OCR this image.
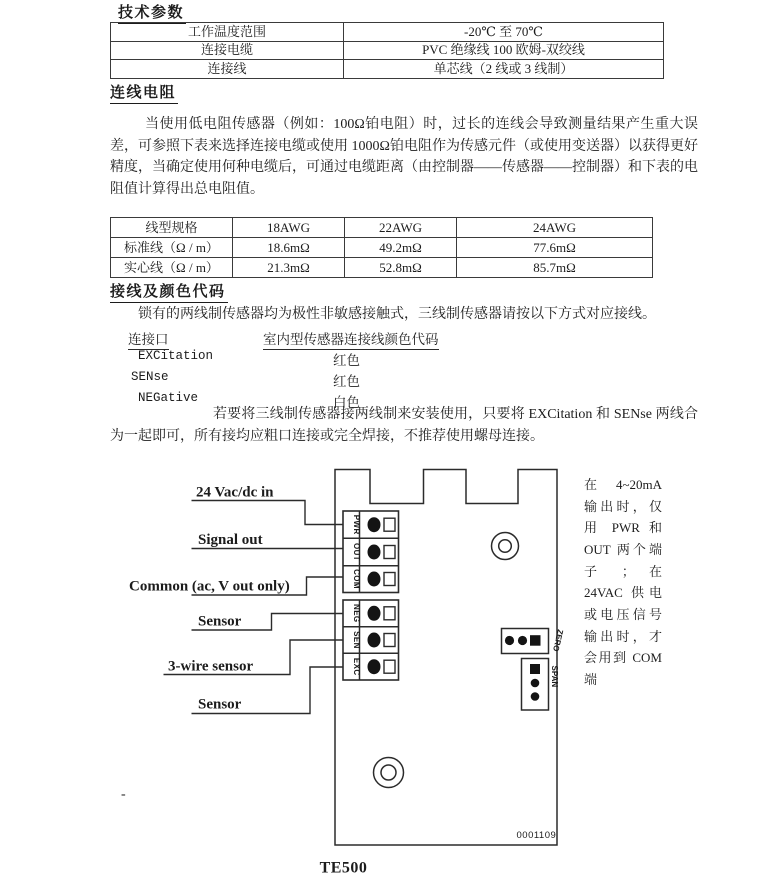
技术参数
工作温度范围	-20℃ 至 70℃
连接电缆	PVC 绝缘线 100 欧姆-双绞线
连接线	单芯线（2 线或 3 线制）
连线电阻

当使用低电阻传感器（例如：100Ω铂电阻）时，过长的连线会导致测量结果产生重大误差，可参照下表来选择连接电缆或使用 1000Ω铂电阻作为传感元件（或使用变送器）以获得更好精度，当确定使用何种电缆后，可通过电缆距离（由控制器——传感器——控制器）和下表的电阻值计算得出总电阻值。

线型规格	18AWG	22AWG	24AWG
标准线（Ω / m）	18.6mΩ	49.2mΩ	77.6mΩ
实心线（Ω / m）	21.3mΩ	52.8mΩ	85.7mΩ
接线及颜色代码

锁有的两线制传感器均为极性非敏感接触式，三线制传感器请按以下方式对应接线。

连接口	室内型传感器连接线颜色代码
EXCitation	红色
SENse	红色
NEGative	白色

若要将三线制传感器接两线制来安装使用，只要将 EXCitation 和 SENse 两线合为一起即可，所有接均应粗口连接或完全焊接，不推荐使用螺母连接。

24 Vac/dc in
Signal out
Common (ac, V out only)
Sensor
3-wire sensor
Sensor
PWR
OUT
COM
NEG
SEN
EXC
ZERO
SPAN
0001109
TE500
-
在 4~20mA
输出时，仅
用 PWR 和
OUT 两个端
子 ； 在
24VAC 供电
或电压信号
输出时，才
会用到 COM
端
